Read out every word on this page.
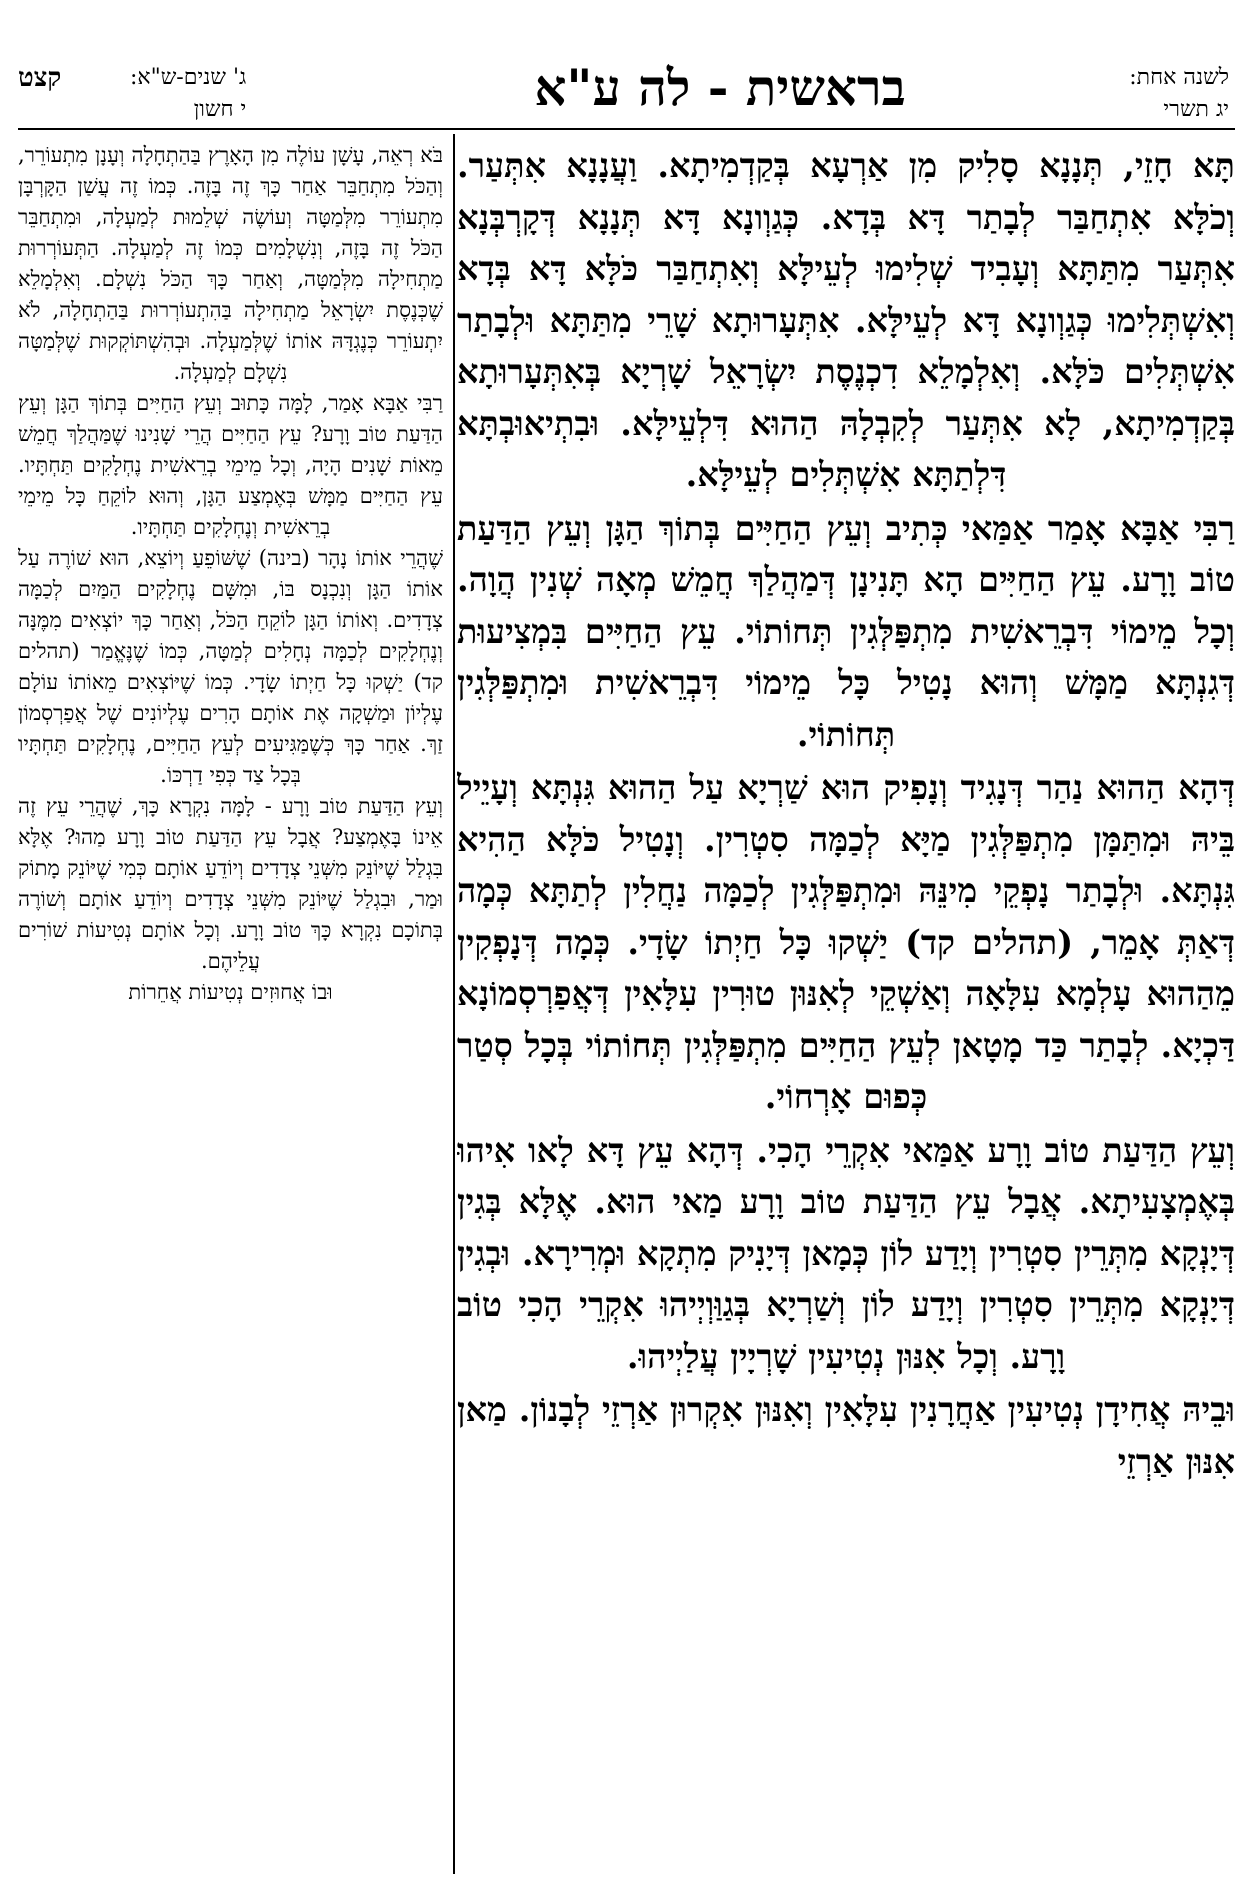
לשנה אחת:
יג תשרי
בראשית - לה ע"א
ג' שנים-ש"א:
י חשון
קצט

תָּא חָזֵי, תְּנָנָא סָלִיק מִן אַרְעָא בְּקַדְמִיתָא. וַעֲנָנָא אִתְּעַר. וְכֹלָּא אִתְחַבַּר לְבָתַר דָּא בְּדָא. כְּגַוְונָא דָּא תְּנָנָא דְּקָרְבְּנָא אִתְּעַר מִתַּתָּא וְעָבִיד שְׁלִימוּ לְעֵילָּא וְאִתְחַבַּר כֹּלָּא דָּא בְּדָא וְאִשְׁתְּלִימוּ כְּגַוְונָא דָּא לְעֵילָּא. אִתְּעָרוּתָא שָׁרֵי מִתַּתָּא וּלְבָתַר אִשְׁתְּלִים כֹּלָּא. וְאִלְמָלֵא דִכְנֶסֶת יִשְׂרָאֵל שָׁרְיָא בְּאִתְּעָרוּתָא בְּקַדְמִיתָא, לָא אִתְּעַר לְקִבְלָהּ הַהוּא דִּלְעֵילָּא. וּבִתְיאוּבְתָּא דִּלְתַתָּא אִשְׁתְּלִים לְעֵילָּא.

רַבִּי אַבָּא אָמַר אַמַּאי כְּתִיב וְעֵץ הַחַיִּים בְּתוֹךְ הַגָּן וְעֵץ הַדַּעַת טוֹב וָרָע. עֵץ הַחַיִּים הָא תָּנִינָן דְּמַהֲלַךְ חֲמֵשׁ מְאָה שְׁנִין הֲוָה. וְכָל מֵימוֹי דִּבְרֵאשִׁית מִתְפַּלְּגִין תְּחוֹתוֹי. עֵץ הַחַיִּים בִּמְצִיעוּת דְּגִנְתָּא מַמָּשׁ וְהוּא נָטִיל כָּל מֵימוֹי דִּבְרֵאשִׁית וּמִתְפַּלְּגִין תְּחוֹתוֹי.

דְּהָא הַהוּא נַהַר דְּנָגִיד וְנָפִיק הוּא שַׁרְיָא עַל הַהוּא גִּנְתָּא וְעָיֵיל בֵּיהּ וּמִתַּמָּן מִתְפַּלְּגִין מַיָּא לְכַמָּה סִטְרִין. וְנָטִיל כֹּלָּא הַהִיא גִּנְתָּא. וּלְבָתַר נָפְקֵי מִינֵּהּ וּמִתְפַּלְּגִין לְכַמָּה נַחֲלִין לְתַתָּא כְּמָה דְּאַתְּ אָמֵר, (תהלים קד) יַשְׁקוּ כָּל חַיְתוֹ שָׂדָי. כְּמָה דְּנָפְקִין מֵהַהוּא עָלְמָא עִלָּאָה וְאַשְׁקֵי לְאִנּוּן טוּרִין עִלָּאִין דְּאֲפַרְסְמוֹנָא דַּכְיָא. לְבָתַר כַּד מָטָאן לְעֵץ הַחַיִּים מִתְפַּלְּגִין תְּחוֹתוֹי בְּכָל סְטַר כְּפוּם אָרְחוֹי.

וְעֵץ הַדַּעַת טוֹב וָרָע אַמַּאי אִקְרֵי הָכִי. דְּהָא עֵץ דָּא לָאו אִיהוּ בְּאֶמְצָעִיתָא. אֲבָל עֵץ הַדַּעַת טוֹב וָרָע מַאי הוּא. אֶלָּא בְּגִין דְּיָנְקָא מִתְּרֵין סִטְרִין וְיָדַע לוֹן כְּמָאן דְּיָנִיק מִתְקָא וּמְרִירָא. וּבְגִין דְּיָנְקָא מִתְּרֵין סִטְרִין וְיָדַע לוֹן וְשַׁרְיָא בְּגַוַּוְיְיהוּ אִקְרֵי הָכִי טוֹב וָרָע. וְכָל אִנּוּן נְטִיעִין שָׁרְיָין עֲלַיְיהוּ.

וּבֵיהּ אֲחִידָן נְטִיעִין אַחֲרָנִין עִלָּאִין וְאִנּוּן אִקְרוּן אַרְזֵי לְבָנוֹן. מַאן אִנּוּן אַרְזֵי

בֹּא רְאֵה, עָשָׁן עוֹלֶה מִן הָאָרֶץ בַּהַתְחָלָה וְעָנָן מִתְעוֹרֵר, וְהַכֹּל מִתְחַבֵּר אַחַר כָּךְ זֶה בָּזֶה. כְּמוֹ זֶה עֲשַׁן הַקָּרְבָּן מִתְעוֹרֵר מִלְּמַטָּה וְעוֹשֶׂה שְׁלֵמוּת לְמַעְלָה, וּמִתְחַבֵּר הַכֹּל זֶה בָּזֶה, וְנִשְׁלָמִים כְּמוֹ זֶה לְמַעְלָה. הַתְּעוֹרְרוּת מַתְחִילָה מִלְּמַטָּה, וְאַחַר כָּךְ הַכֹּל נִשְׁלָם. וְאִלְמָלֵא שֶׁכְּנֶסֶת יִשְׂרָאֵל מַתְחִילָה בַּהִתְעוֹרְרוּת בַּהַתְחָלָה, לֹא יִתְעוֹרֵר כְּנֶגְדָּהּ אוֹתוֹ שֶׁלְּמַעְלָה. וּבְהִשְׁתּוֹקְקוּת שֶׁלְּמַטָּה נִשְׁלָם לְמַעְלָה.

רַבִּי אַבָּא אָמַר, לָמָּה כָּתוּב וְעֵץ הַחַיִּים בְּתוֹךְ הַגָּן וְעֵץ הַדַּעַת טוֹב וָרָע? עֵץ הַחַיִּים הֲרֵי שָׁנִינוּ שֶׁמַּהֲלַךְ חֲמֵשׁ מֵאוֹת שָׁנִים הָיָה, וְכָל מֵימֵי בְרֵאשִׁית נֶחְלָקִים תַּחְתָּיו. עֵץ הַחַיִּים מַמָּשׁ בְּאֶמְצַע הַגָּן, וְהוּא לוֹקֵחַ כָּל מֵימֵי בְרֵאשִׁית וְנֶחְלָקִים תַּחְתָּיו.

שֶׁהֲרֵי אוֹתוֹ נָהָר (בינה) שֶׁשּׁוֹפֵעַ וְיוֹצֵא, הוּא שׁוֹרֶה עַל אוֹתוֹ הַגָּן וְנִכְנָס בּוֹ, וּמִשָּׁם נֶחְלָקִים הַמַּיִם לְכַמָּה צְדָדִים. וְאוֹתוֹ הַגָּן לוֹקֵחַ הַכֹּל, וְאַחַר כָּךְ יוֹצְאִים מִמֶּנָּה וְנֶחְלָקִים לְכַמָּה נְחָלִים לְמַטָּה, כְּמוֹ שֶׁנֶּאֱמַר (תהלים קד) יַשְׁקוּ כָּל חַיְתוֹ שָׂדָי. כְּמוֹ שֶׁיּוֹצְאִים מֵאוֹתוֹ עוֹלָם עֶלְיוֹן וּמַשְׁקָה אֶת אוֹתָם הָרִים עֶלְיוֹנִים שֶׁל אֲפַרְסְמוֹן זַךְ. אַחַר כָּךְ כְּשֶׁמַּגִּיעִים לְעֵץ הַחַיִּים, נֶחְלָקִים תַּחְתָּיו בְּכָל צַד כְּפִי דַרְכּוֹ.

וְעֵץ הַדַּעַת טוֹב וָרָע - לָמָּה נִקְרָא כָּךְ, שֶׁהֲרֵי עֵץ זֶה אֵינוֹ בָּאֶמְצַע? אֲבָל עֵץ הַדַּעַת טוֹב וָרָע מַהוּ? אֶלָּא בִּגְלַל שֶׁיּוֹנֵק מִשְּׁנֵי צְדָדִים וְיוֹדֵעַ אוֹתָם כְּמִי שֶׁיּוֹנֵק מָתוֹק וּמַר, וּבִגְלַל שֶׁיּוֹנֵק מִשְּׁנֵי צְדָדִים וְיוֹדֵעַ אוֹתָם וְשׁוֹרֶה בְּתוֹכָם נִקְרָא כָּךְ טוֹב וָרָע. וְכָל אוֹתָם נְטִיעוֹת שׁוֹרִים עֲלֵיהֶם.

וּבוֹ אֲחוּזִים נְטִיעוֹת אֲחֵרוֹת
